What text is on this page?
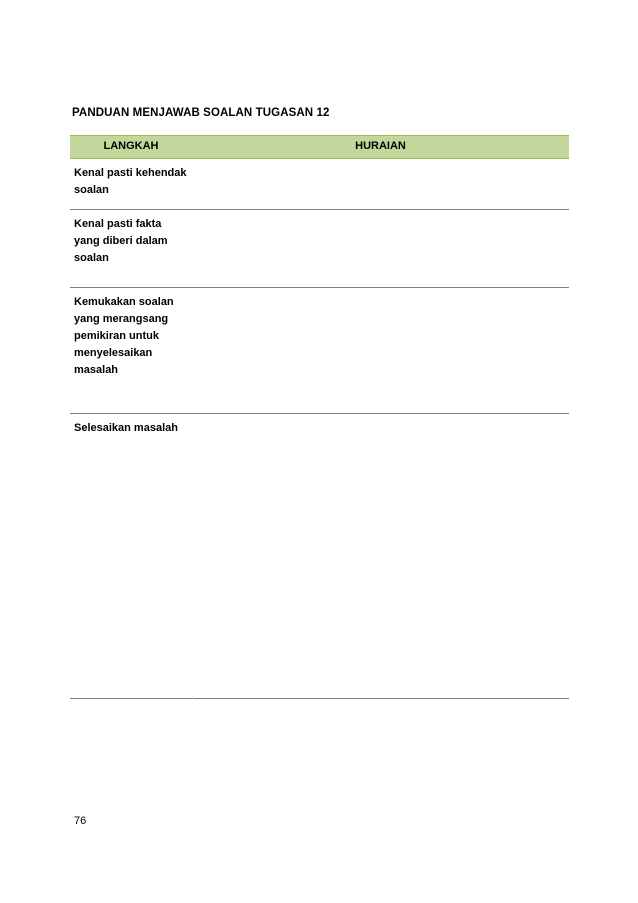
PANDUAN MENJAWAB SOALAN TUGASAN 12
LANGKAH	HURAIAN
Kenal pasti kehendak soalan
Kenal pasti fakta yang diberi dalam soalan
Kemukakan soalan yang merangsang pemikiran untuk menyelesaikan masalah
Selesaikan masalah
76
